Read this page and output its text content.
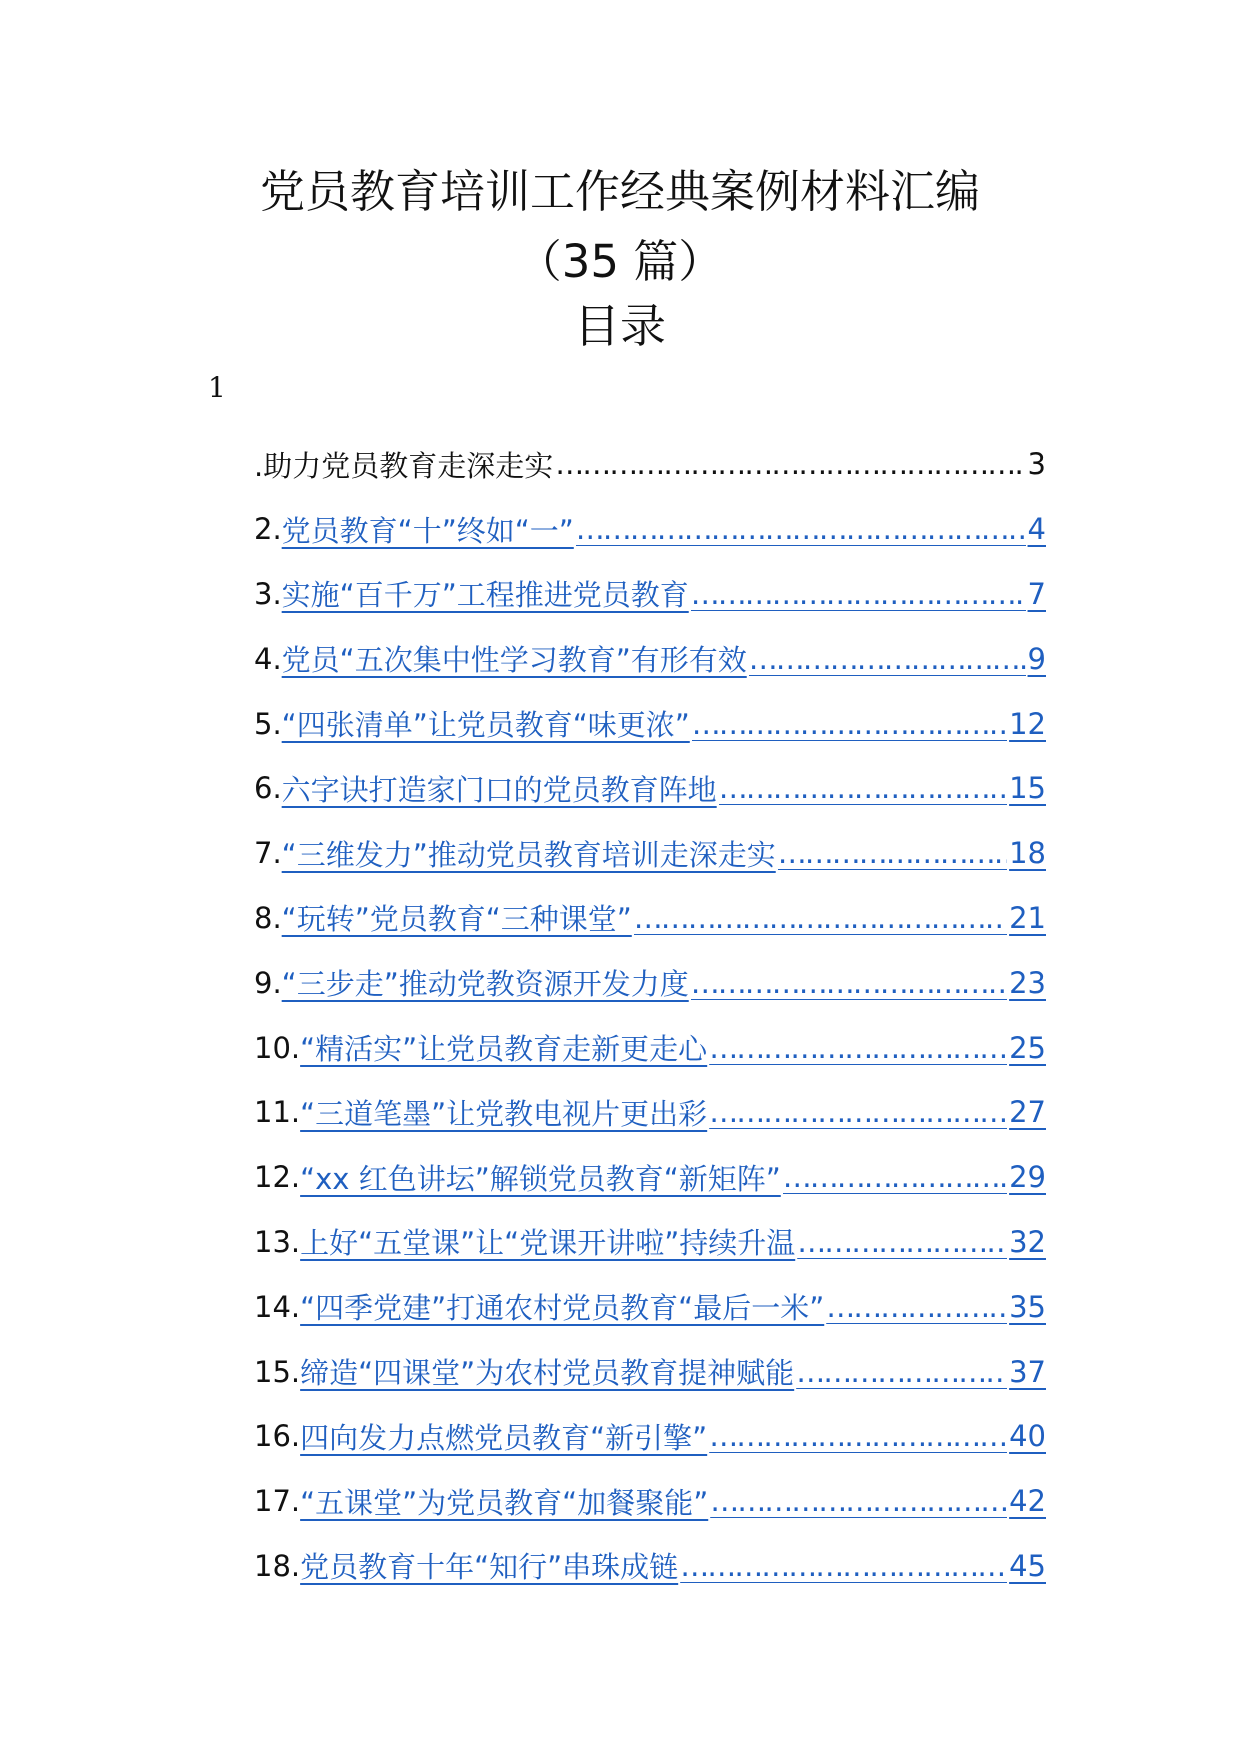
党员教育培训工作经典案例材料汇编
（35 篇）
目录
1
.助力党员教育走深走实 …………………………………………………………………………………………………………………………	3
2. 党员教育“十”终如“一” …………………………………………………………………………………………………………………………	4
3. 实施“百千万”工程推进党员教育 …………………………………………………………………………………………………………………………	7
4. 党员“五次集中性学习教育”有形有效 …………………………………………………………………………………………………………………………	9
5. “四张清单”让党员教育“味更浓” …………………………………………………………………………………………………………………………	12
6. 六字诀打造家门口的党员教育阵地 …………………………………………………………………………………………………………………………	15
7. “三维发力”推动党员教育培训走深走实 …………………………………………………………………………………………………………………………	18
8. “玩转”党员教育“三种课堂” …………………………………………………………………………………………………………………………	21
9. “三步走”推动党教资源开发力度 …………………………………………………………………………………………………………………………	23
10. “精活实”让党员教育走新更走心 …………………………………………………………………………………………………………………………	25
11. “三道笔墨”让党教电视片更出彩 …………………………………………………………………………………………………………………………	27
12. “xx 红色讲坛”解锁党员教育“新矩阵” …………………………………………………………………………………………………………………………	29
13. 上好“五堂课”让“党课开讲啦”持续升温 …………………………………………………………………………………………………………………………	32
14. “四季党建”打通农村党员教育“最后一米” …………………………………………………………………………………………………………………………	35
15. 缔造“四课堂”为农村党员教育提神赋能 …………………………………………………………………………………………………………………………	37
16. 四向发力点燃党员教育“新引擎” …………………………………………………………………………………………………………………………	40
17. “五课堂”为党员教育“加餐聚能” …………………………………………………………………………………………………………………………	42
18. 党员教育十年“知行”串珠成链 …………………………………………………………………………………………………………………………	45
